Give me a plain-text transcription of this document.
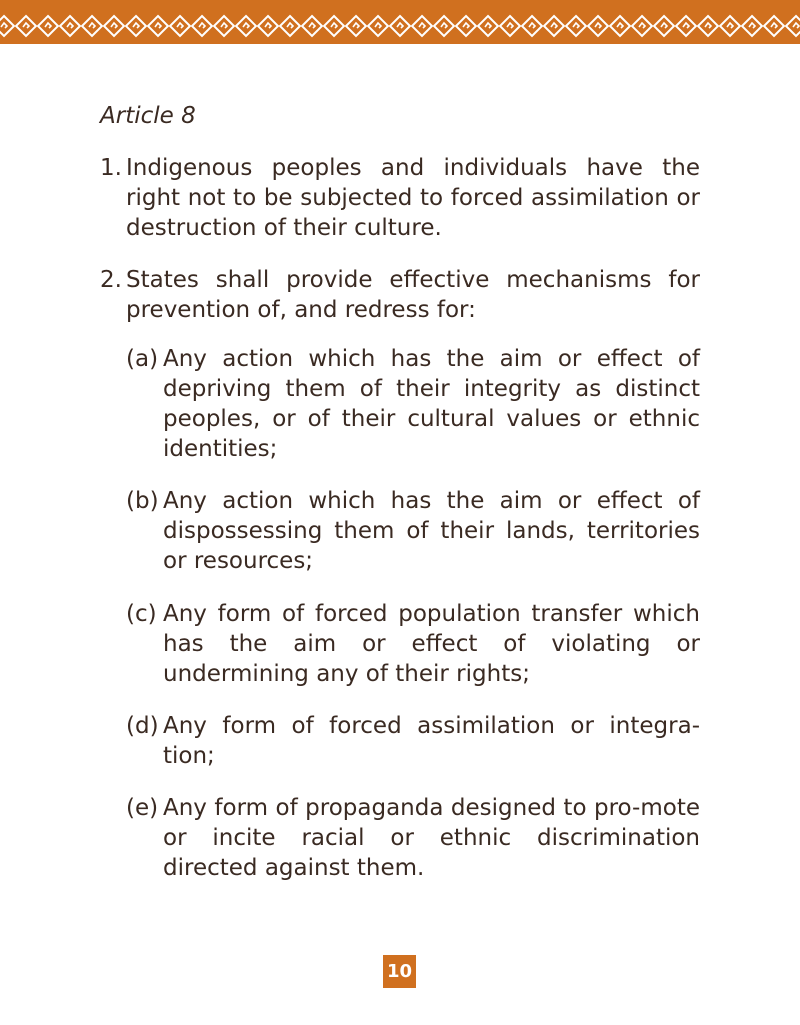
Article 8
1. Indigenous peoples and individuals have the right not to be subjected to forced assimilation or destruction of their culture.
2. States shall provide effective mechanisms for prevention of, and redress for:
(a) Any action which has the aim or effect of depriving them of their integrity as distinct peoples, or of their cultural values or ethnic identities;
(b) Any action which has the aim or effect of dispossessing them of their lands, territories or resources;
(c) Any form of forced population transfer which has the aim or effect of violating or undermining any of their rights;
(d) Any form of forced assimilation or integra-tion;
(e) Any form of propaganda designed to pro-mote or incite racial or ethnic discrimination directed against them.
10
